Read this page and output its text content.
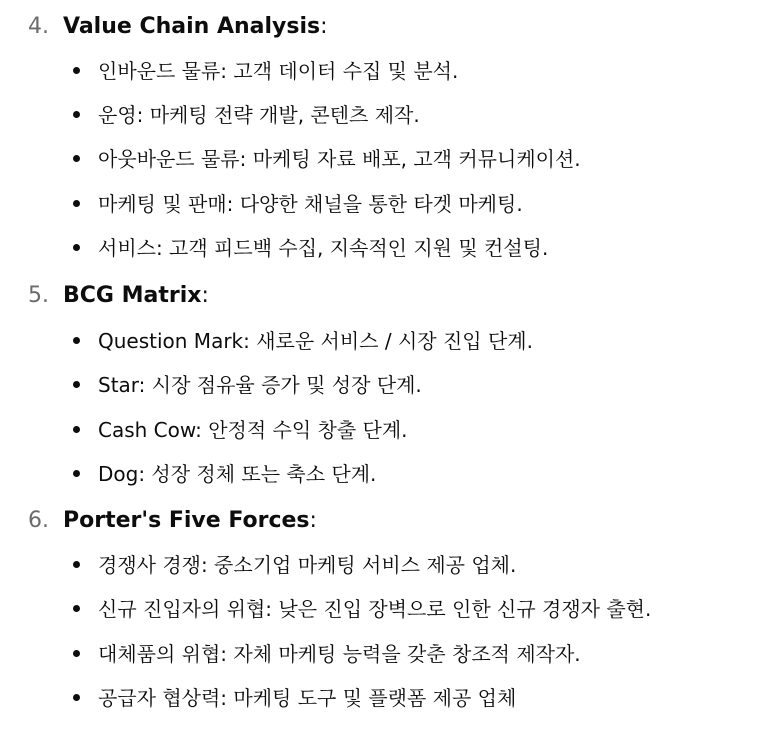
4. Value Chain Analysis:
인바운드 물류: 고객 데이터 수집 및 분석.
운영: 마케팅 전략 개발, 콘텐츠 제작.
아웃바운드 물류: 마케팅 자료 배포, 고객 커뮤니케이션.
마케팅 및 판매: 다양한 채널을 통한 타겟 마케팅.
서비스: 고객 피드백 수집, 지속적인 지원 및 컨설팅.
5. BCG Matrix:
Question Mark: 새로운 서비스 / 시장 진입 단계.
Star: 시장 점유율 증가 및 성장 단계.
Cash Cow: 안정적 수익 창출 단계.
Dog: 성장 정체 또는 축소 단계.
6. Porter's Five Forces:
경쟁사 경쟁: 중소기업 마케팅 서비스 제공 업체.
신규 진입자의 위협: 낮은 진입 장벽으로 인한 신규 경쟁자 출현.
대체품의 위협: 자체 마케팅 능력을 갖춘 창조적 제작자.
공급자 협상력: 마케팅 도구 및 플랫폼 제공 업체
